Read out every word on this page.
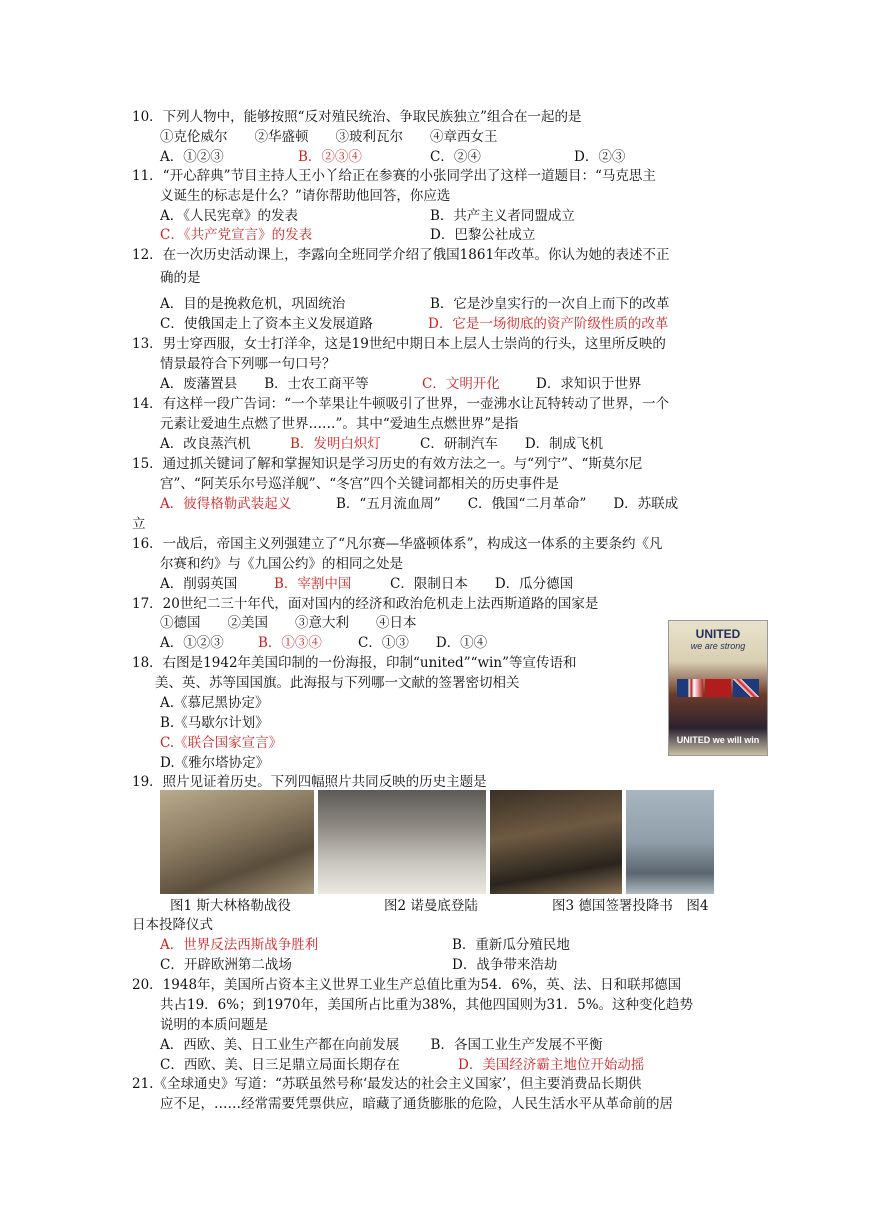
10．下列人物中，能够按照“反对殖民统治、争取民族独立”组合在一起的是
①克伦威尔　　②华盛顿　　③玻利瓦尔　　④章西女王
A．①②③	B．②③④	C．②④	D．②③
11．“开心辞典”节目主持人王小丫给正在参赛的小张同学出了这样一道题目：“马克思主
义诞生的标志是什么？”请你帮助他回答，你应选
A．《人民宪章》的发表	B．共产主义者同盟成立
C．《共产党宣言》的发表	D．巴黎公社成立
12．在一次历史活动课上，李露向全班同学介绍了俄国1861年改革。你认为她的表述不正
确的是
A．目的是挽救危机，巩固统治	B．它是沙皇实行的一次自上而下的改革
C．使俄国走上了资本主义发展道路	D．它是一场彻底的资产阶级性质的改革
13．男士穿西服，女士打洋伞，这是19世纪中期日本上层人士崇尚的行头，这里所反映的
情景最符合下列哪一句口号？
A．废藩置县　　B．士农工商平等	C．文明开化	D．求知识于世界
14．有这样一段广告词：“一个苹果让牛顿吸引了世界，一壶沸水让瓦特转动了世界，一个
元素让爱迪生点燃了世界……”。其中“爱迪生点燃世界”是指
A．改良蒸汽机	B．发明白炽灯	C．研制汽车　　D．制成飞机
15．通过抓关键词了解和掌握知识是学习历史的有效方法之一。与“列宁”、“斯莫尔尼
宫”、“阿芙乐尔号巡洋舰”、“冬宫”四个关键词都相关的历史事件是
A．彼得格勒武装起义	B．“五月流血周”　　C．俄国“二月革命”　　D．苏联成
立
16．一战后，帝国主义列强建立了“凡尔赛—华盛顿体系”，构成这一体系的主要条约《凡
尔赛和约》与《九国公约》的相同之处是
A．削弱英国	B．宰割中国	C．限制日本　　D．瓜分德国
17．20世纪二三十年代，面对国内的经济和政治危机走上法西斯道路的国家是
①德国　　②美国　　③意大利　　④日本
A．①②③	B．①③④	C．①③　　D．①④
18．右图是1942年美国印制的一份海报，印制“united”“win”等宣传语和
美、英、苏等国国旗。此海报与下列哪一文献的签署密切相关
A.《慕尼黑协定》
B.《马歇尔计划》
C.《联合国家宣言》
D.《雅尔塔协定》
19．照片见证着历史。下列四幅照片共同反映的历史主题是
图1 斯大林格勒战役	图2 诺曼底登陆	图3 德国签署投降书　图4
日本投降仪式
A．世界反法西斯战争胜利	B．重新瓜分殖民地
C．开辟欧洲第二战场	D．战争带来浩劫
20．1948年，美国所占资本主义世界工业生产总值比重为54．6%，英、法、日和联邦德国
共占19．6%；到1970年，美国所占比重为38%，其他四国则为31．5%。这种变化趋势
说明的本质问题是
A．西欧、美、日工业生产都在向前发展　　 B．各国工业生产发展不平衡
C．西欧、美、日三足鼎立局面长期存在	D．美国经济霸主地位开始动摇
21.《全球通史》写道：“苏联虽然号称‘最发达的社会主义国家’，但主要消费品长期供
应不足，……经常需要凭票供应，暗藏了通货膨胀的危险，人民生活水平从革命前的居
UNITED
we are strong
UNITED we will win
